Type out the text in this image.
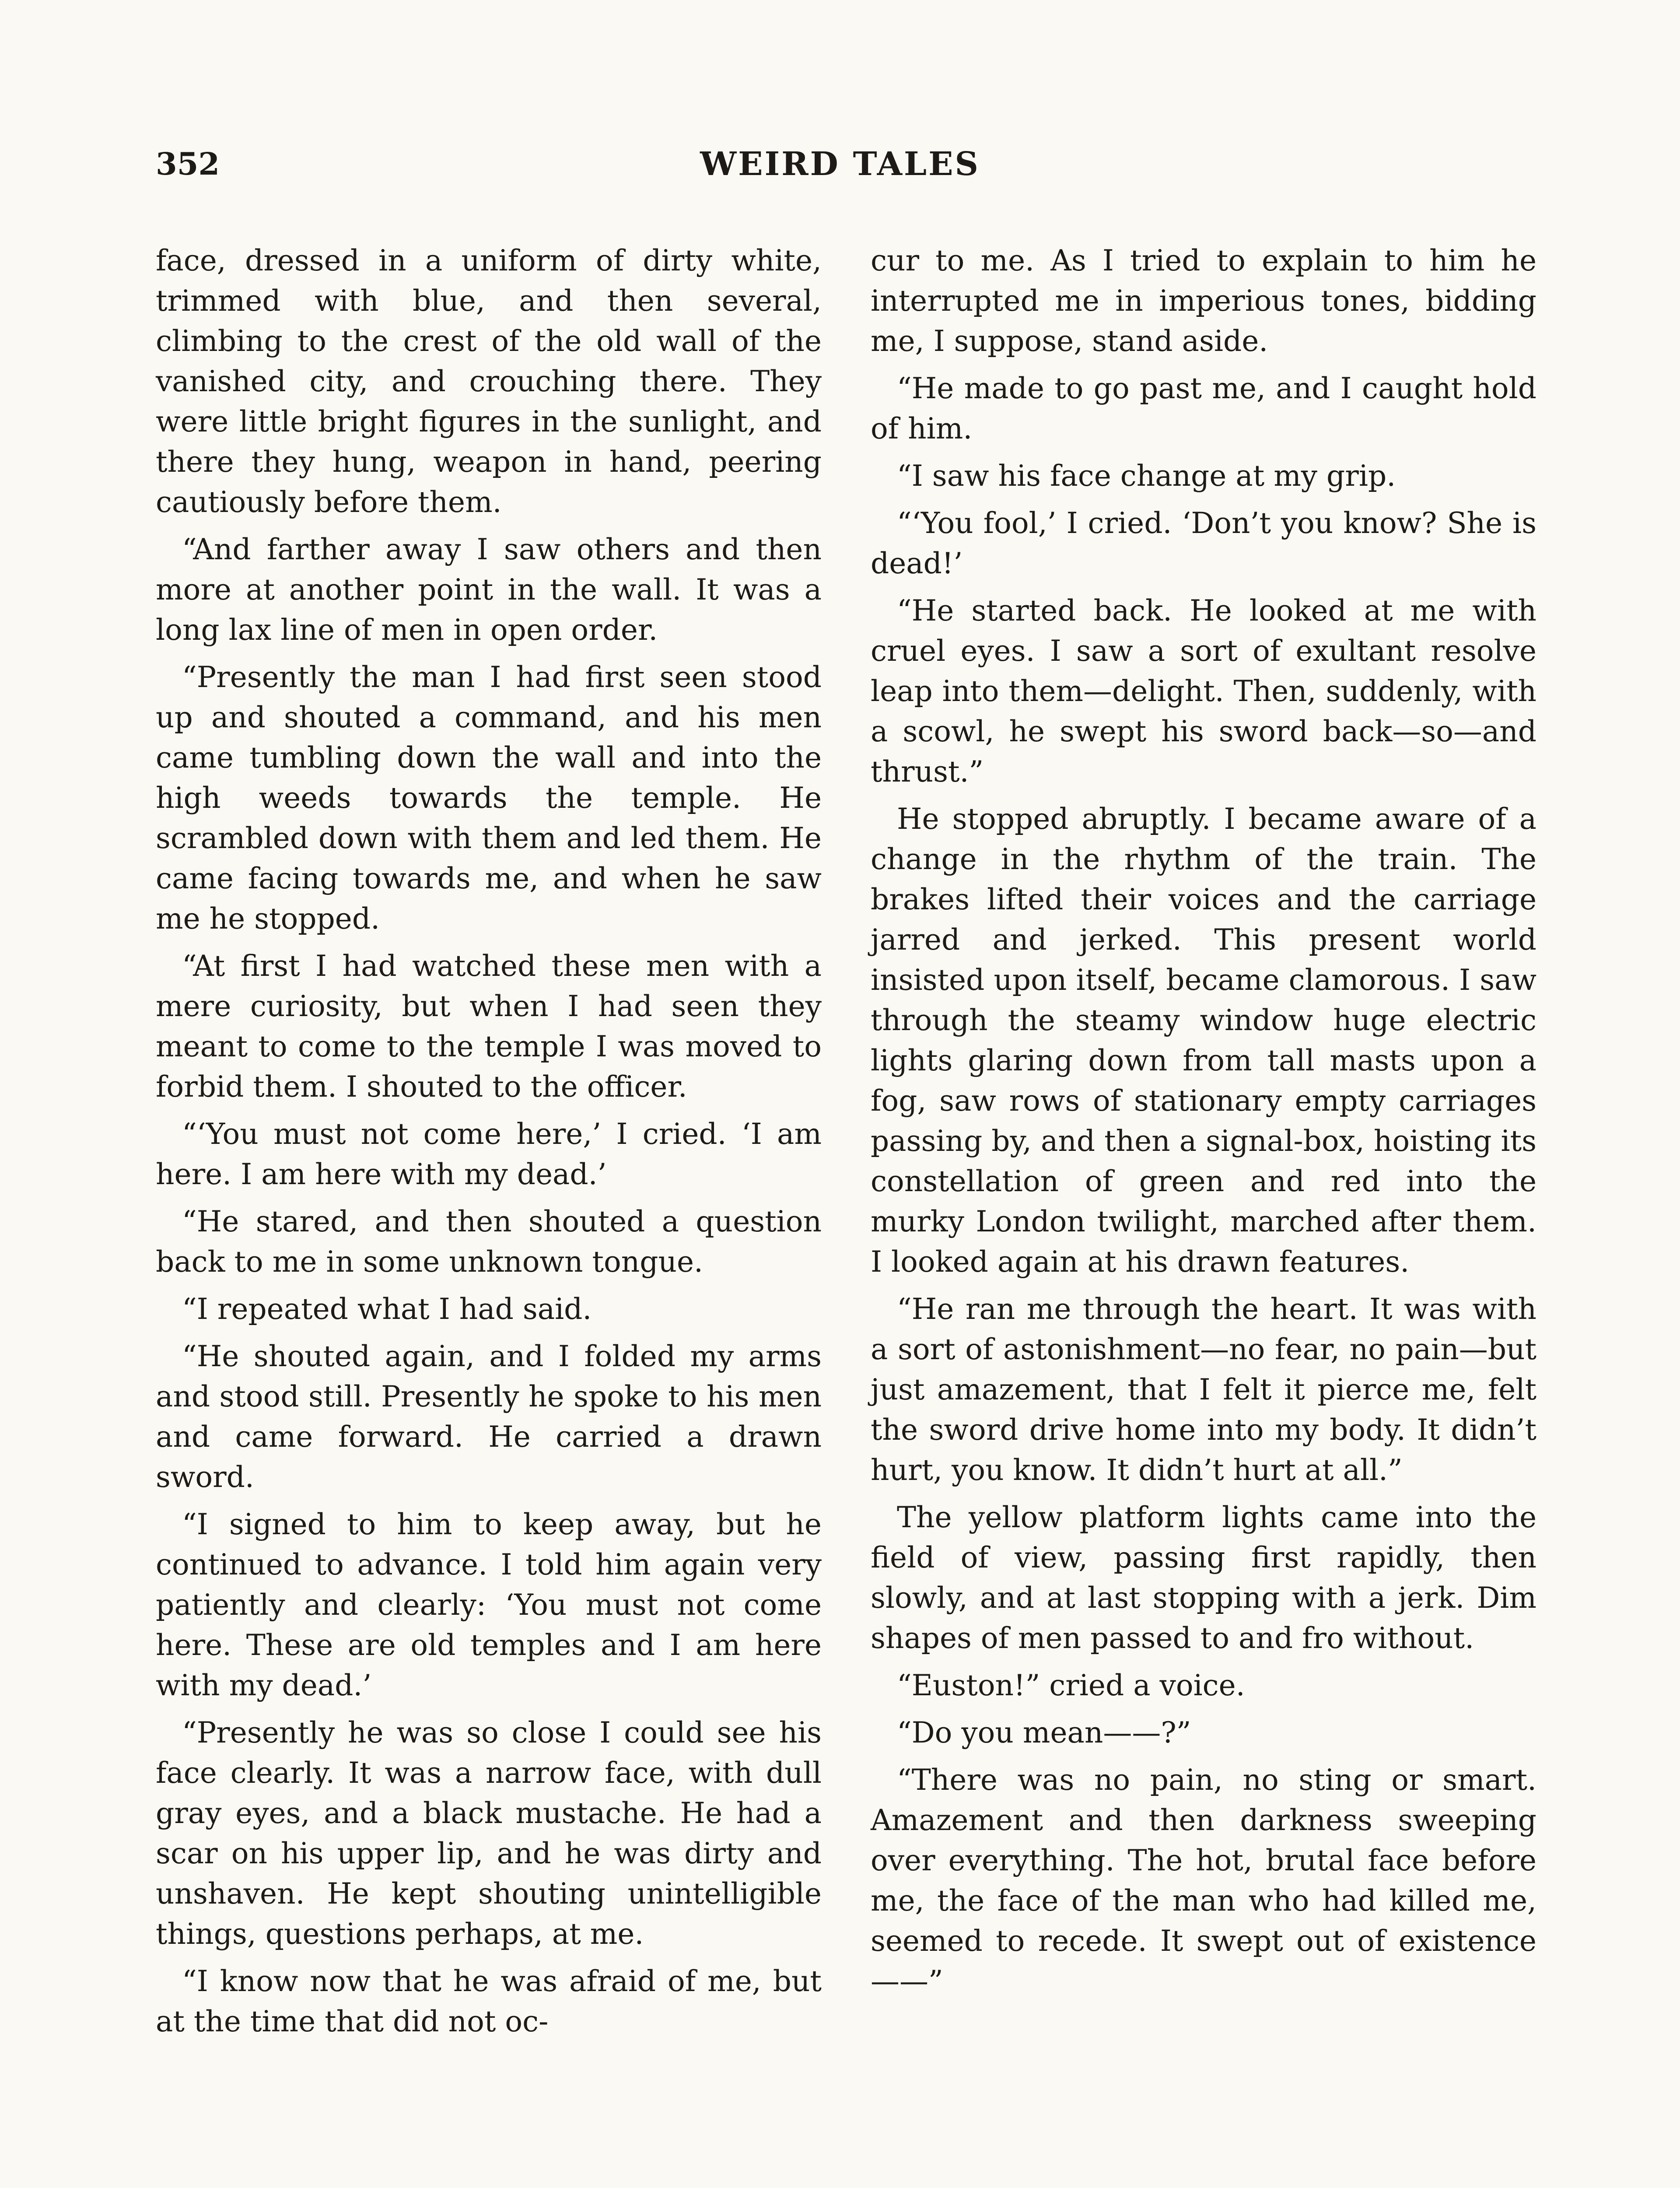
352	WEIRD TALES

face, dressed in a uniform of dirty white, trimmed with blue, and then several, climbing to the crest of the old wall of the vanished city, and crouching there. They were little bright figures in the sunlight, and there they hung, weapon in hand, peering cautiously before them.

“And farther away I saw others and then more at another point in the wall. It was a long lax line of men in open order.

“Presently the man I had first seen stood up and shouted a command, and his men came tumbling down the wall and into the high weeds towards the temple. He scrambled down with them and led them. He came facing towards me, and when he saw me he stopped.

“At first I had watched these men with a mere curiosity, but when I had seen they meant to come to the temple I was moved to forbid them. I shouted to the officer.

“‘You must not come here,’ I cried. ‘I am here. I am here with my dead.’

“He stared, and then shouted a question back to me in some unknown tongue.

“I repeated what I had said.

“He shouted again, and I folded my arms and stood still. Presently he spoke to his men and came forward. He carried a drawn sword.

“I signed to him to keep away, but he continued to advance. I told him again very patiently and clearly: ‘You must not come here. These are old temples and I am here with my dead.’

“Presently he was so close I could see his face clearly. It was a narrow face, with dull gray eyes, and a black mustache. He had a scar on his upper lip, and he was dirty and unshaven. He kept shouting unintelligible things, questions perhaps, at me.

“I know now that he was afraid of me, but at the time that did not oc-

cur to me. As I tried to explain to him he interrupted me in imperious tones, bidding me, I suppose, stand aside.

“He made to go past me, and I caught hold of him.

“I saw his face change at my grip.

“‘You fool,’ I cried. ‘Don’t you know? She is dead!’

“He started back. He looked at me with cruel eyes. I saw a sort of exultant resolve leap into them—delight. Then, suddenly, with a scowl, he swept his sword back—so—and thrust.”

He stopped abruptly. I became aware of a change in the rhythm of the train. The brakes lifted their voices and the carriage jarred and jerked. This present world insisted upon itself, became clamorous. I saw through the steamy window huge electric lights glaring down from tall masts upon a fog, saw rows of stationary empty carriages passing by, and then a signal-box, hoisting its constellation of green and red into the murky London twilight, marched after them. I looked again at his drawn features.

“He ran me through the heart. It was with a sort of astonishment—no fear, no pain—but just amazement, that I felt it pierce me, felt the sword drive home into my body. It didn’t hurt, you know. It didn’t hurt at all.”

The yellow platform lights came into the field of view, passing first rapidly, then slowly, and at last stopping with a jerk. Dim shapes of men passed to and fro without.

“Euston!” cried a voice.

“Do you mean——?”

“There was no pain, no sting or smart. Amazement and then darkness sweeping over everything. The hot, brutal face before me, the face of the man who had killed me, seemed to recede. It swept out of existence ——”
